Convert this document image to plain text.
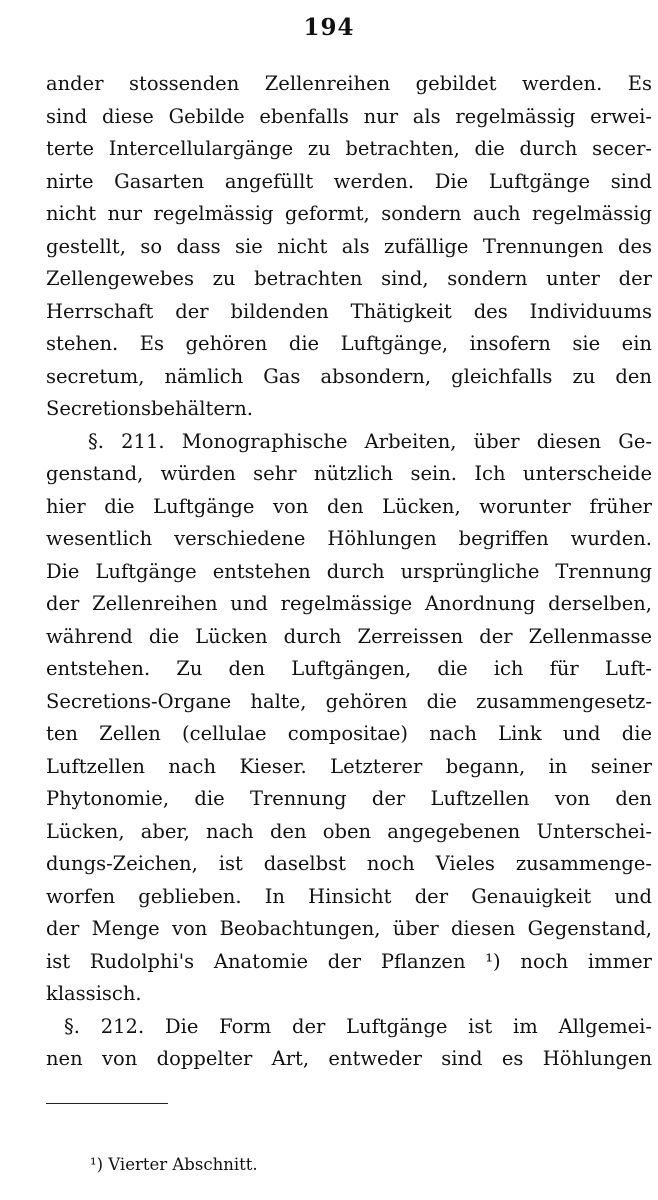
194
ander stossenden Zellenreihen gebildet werden. Es
sind diese Gebilde ebenfalls nur als regelmässig erwei-
terte Intercellulargänge zu betrachten, die durch secer-
nirte Gasarten angefüllt werden. Die Luftgänge sind
nicht nur regelmässig geformt, sondern auch regelmässig
gestellt, so dass sie nicht als zufällige Trennungen des
Zellengewebes zu betrachten sind, sondern unter der
Herrschaft der bildenden Thätigkeit des Individuums
stehen. Es gehören die Luftgänge, insofern sie ein
secretum, nämlich Gas absondern, gleichfalls zu den
Secretionsbehältern.
§. 211. Monographische Arbeiten, über diesen Ge-
genstand, würden sehr nützlich sein. Ich unterscheide
hier die Luftgänge von den Lücken, worunter früher
wesentlich verschiedene Höhlungen begriffen wurden.
Die Luftgänge entstehen durch ursprüngliche Trennung
der Zellenreihen und regelmässige Anordnung derselben,
während die Lücken durch Zerreissen der Zellenmasse
entstehen. Zu den Luftgängen, die ich für Luft-
Secretions-Organe halte, gehören die zusammengesetz-
ten Zellen (cellulae compositae) nach Link und die
Luftzellen nach Kieser. Letzterer begann, in seiner
Phytonomie, die Trennung der Luftzellen von den
Lücken, aber, nach den oben angegebenen Unterschei-
dungs-Zeichen, ist daselbst noch Vieles zusammenge-
worfen geblieben. In Hinsicht der Genauigkeit und
der Menge von Beobachtungen, über diesen Gegenstand,
ist Rudolphi's Anatomie der Pflanzen ¹) noch immer
klassisch.
§. 212. Die Form der Luftgänge ist im Allgemei-
nen von doppelter Art, entweder sind es Höhlungen
¹) Vierter Abschnitt.
